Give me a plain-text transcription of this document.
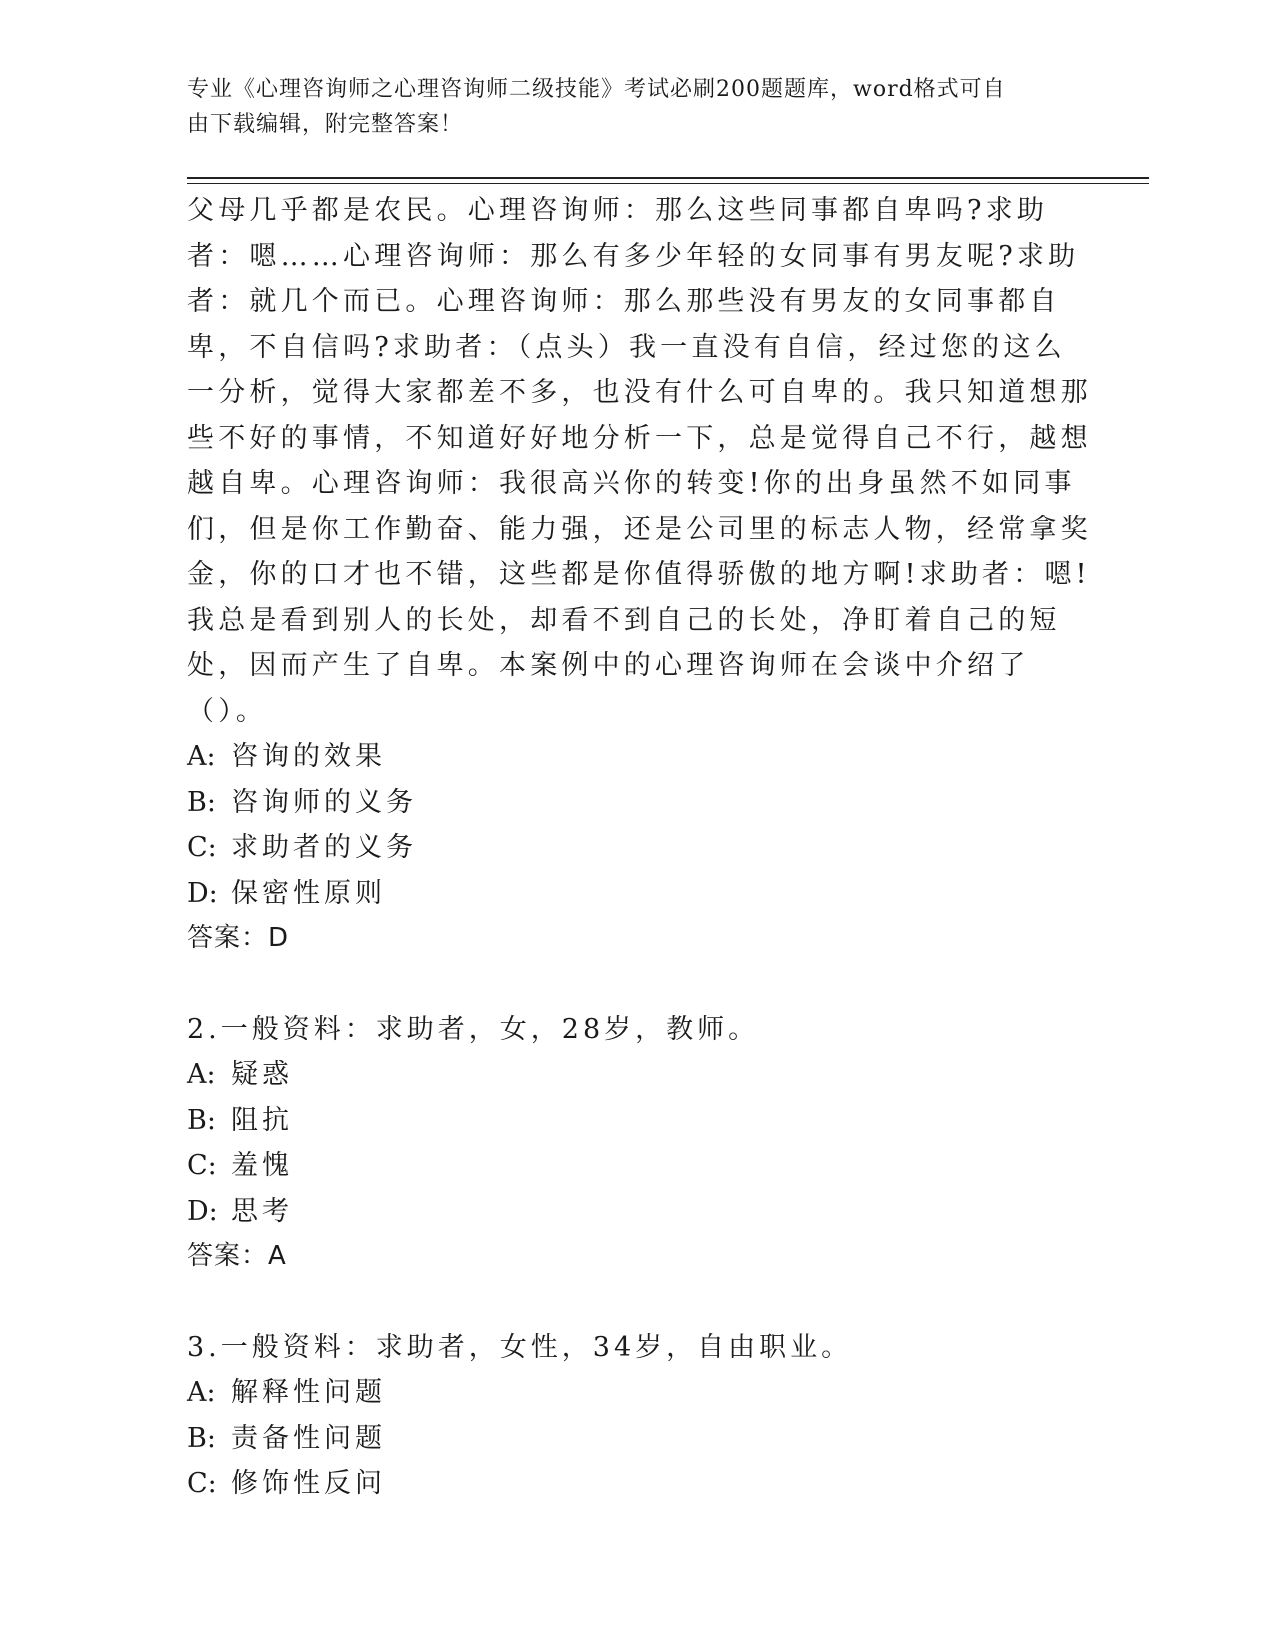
专业《心理咨询师之心理咨询师二级技能》考试必刷200题题库，word格式可自
由下载编辑，附完整答案！

父母几乎都是农民。心理咨询师：那么这些同事都自卑吗?求助者：嗯……心理咨询师：那么有多少年轻的女同事有男友呢?求助者：就几个而已。心理咨询师：那么那些没有男友的女同事都自卑，不自信吗?求助者：（点头）我一直没有自信，经过您的这么一分析，觉得大家都差不多，也没有什么可自卑的。我只知道想那些不好的事情，不知道好好地分析一下，总是觉得自己不行，越想越自卑。心理咨询师：我很高兴你的转变!你的出身虽然不如同事们，但是你工作勤奋、能力强，还是公司里的标志人物，经常拿奖金，你的口才也不错，这些都是你值得骄傲的地方啊!求助者：嗯!我总是看到别人的长处，却看不到自己的长处，净盯着自己的短处，因而产生了自卑。本案例中的心理咨询师在会谈中介绍了（）。

A: 咨询的效果

B: 咨询师的义务

C: 求助者的义务

D: 保密性原则

答案：D

2.一般资料：求助者，女，28岁，教师。

A: 疑惑

B: 阻抗

C: 羞愧

D: 思考

答案：A

3.一般资料：求助者，女性，34岁，自由职业。

A: 解释性问题

B: 责备性问题

C: 修饰性反问
